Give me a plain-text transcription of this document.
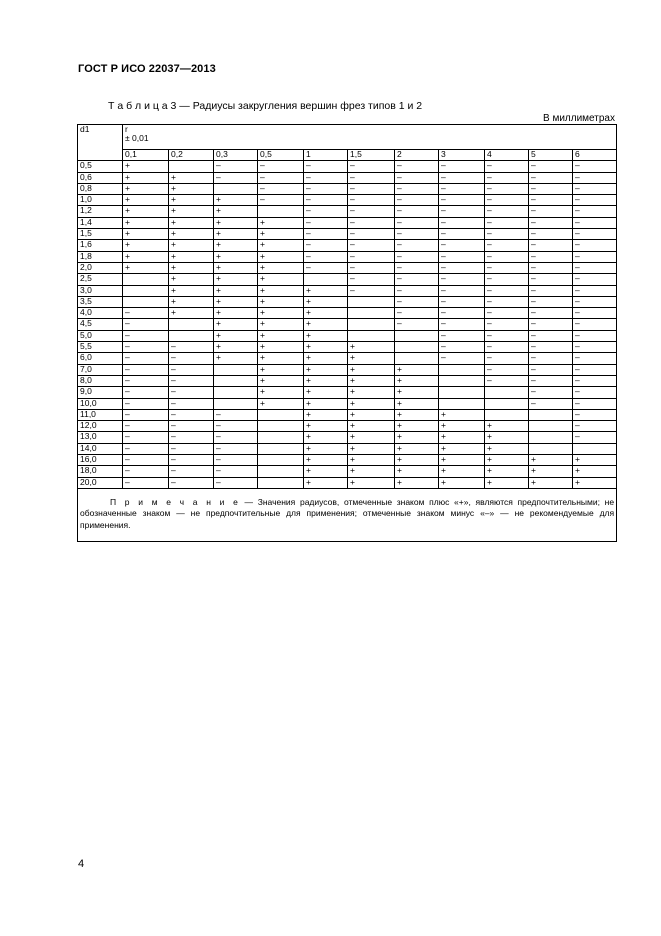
ГОСТ Р ИСО 22037—2013
Т а б л и ц а 3 — Радиусы закругления вершин фрез типов 1 и 2
В миллиметрах
d1	r
± 0,01										

	0,1	0,2	0,3	0,5	1	1,5	2	3	4	5	6
0,5	+		–	–	–	–	–	–	–	–	–
0,6	+	+	–	–	–	–	–	–	–	–	–
0,8	+	+		–	–	–	–	–	–	–	–
1,0	+	+	+	–	–	–	–	–	–	–	–
1,2	+	+	+		–	–	–	–	–	–	–
1,4	+	+	+	+	–	–	–	–	–	–	–
1,5	+	+	+	+	–	–	–	–	–	–	–
1,6	+	+	+	+	–	–	–	–	–	–	–
1,8	+	+	+	+	–	–	–	–	–	–	–
2,0	+	+	+	+	–	–	–	–	–	–	–
2,5		+	+	+		–	–	–	–	–	–
3,0		+	+	+	+	–	–	–	–	–	–
3,5		+	+	+	+		–	–	–	–	–
4,0	–	+	+	+	+		–	–	–	–	–
4,5	–		+	+	+		–	–	–	–	–
5,0	–		+	+	+			–	–	–	–
5,5	–	–	+	+	+	+		–	–	–	–
6,0	–	–	+	+	+	+		–	–	–	–
7,0	–	–		+	+	+	+		–	–	–
8,0	–	–		+	+	+	+		–	–	–
9,0	–	–		+	+	+	+			–	–
10,0	–	–		+	+	+	+			–	–
11,0	–	–	–		+	+	+	+			–
12,0	–	–	–		+	+	+	+	+		–
13,0	–	–	–		+	+	+	+	+		–
14,0	–	–	–		+	+	+	+	+		
16,0	–	–	–		+	+	+	+	+	+	+
18,0	–	–	–		+	+	+	+	+	+	+
20,0	–	–	–		+	+	+	+	+	+	+
П р и м е ч а н и е — Значения радиусов, отмеченные знаком плюс «+», являются предпочтительными; не обозначенные знаком — не предпочтительные для применения; отмеченные знаком минус «–» — не рекомендуемые для применения.											
4
